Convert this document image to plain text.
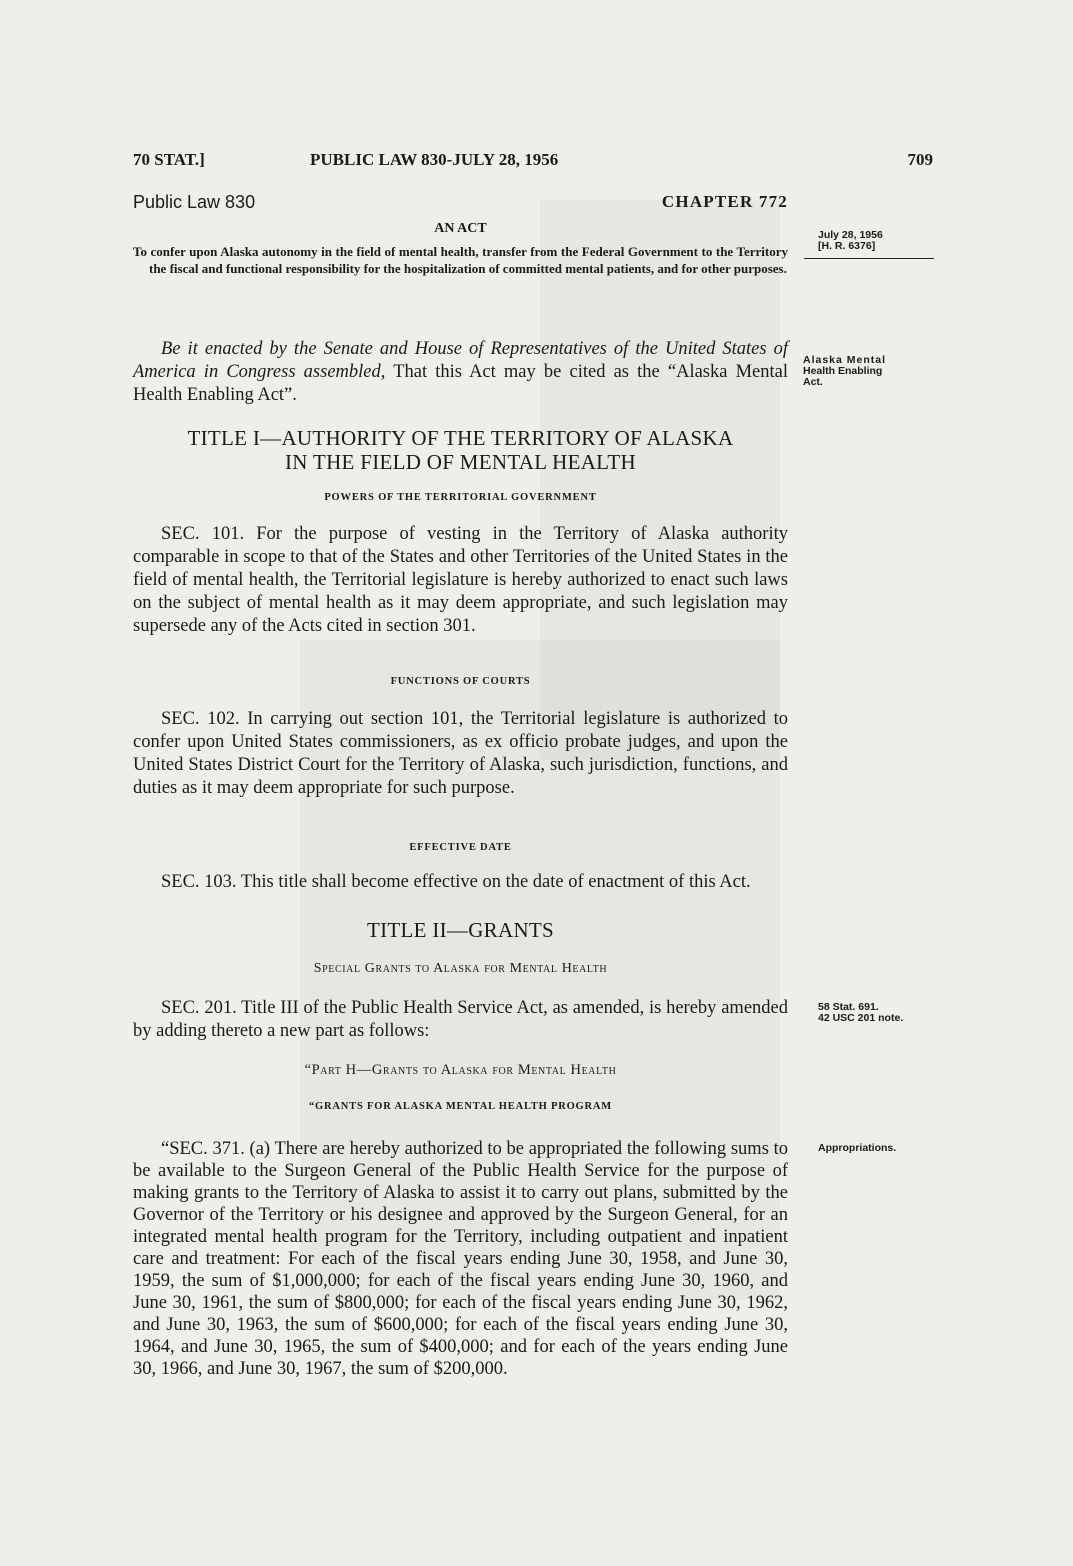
70 STAT.]	PUBLIC LAW 830-JULY 28, 1956	709
Public Law 830	CHAPTER 772
AN ACT
To confer upon Alaska autonomy in the field of mental health, transfer from the Federal Government to the Territory the fiscal and functional responsibility for the hospitalization of committed mental patients, and for other purposes.

Be it enacted by the Senate and House of Representatives of the United States of America in Congress assembled, That this Act may be cited as the “Alaska Mental Health Enabling Act”.

TITLE I—AUTHORITY OF THE TERRITORY OF ALASKA
IN THE FIELD OF MENTAL HEALTH
POWERS OF THE TERRITORIAL GOVERNMENT

SEC. 101. For the purpose of vesting in the Territory of Alaska authority comparable in scope to that of the States and other Territories of the United States in the field of mental health, the Territorial legislature is hereby authorized to enact such laws on the subject of mental health as it may deem appropriate, and such legislation may supersede any of the Acts cited in section 301.

FUNCTIONS OF COURTS

SEC. 102. In carrying out section 101, the Territorial legislature is authorized to confer upon United States commissioners, as ex officio probate judges, and upon the United States District Court for the Territory of Alaska, such jurisdiction, functions, and duties as it may deem appropriate for such purpose.

EFFECTIVE DATE

SEC. 103. This title shall become effective on the date of enactment of this Act.

TITLE II—GRANTS
Special Grants to Alaska for Mental Health

SEC. 201. Title III of the Public Health Service Act, as amended, is hereby amended by adding thereto a new part as follows:

“Part H—Grants to Alaska for Mental Health
“GRANTS FOR ALASKA MENTAL HEALTH PROGRAM

“SEC. 371. (a) There are hereby authorized to be appropriated the following sums to be available to the Surgeon General of the Public Health Service for the purpose of making grants to the Territory of Alaska to assist it to carry out plans, submitted by the Governor of the Territory or his designee and approved by the Surgeon General, for an integrated mental health program for the Territory, including outpatient and inpatient care and treatment: For each of the fiscal years ending June 30, 1958, and June 30, 1959, the sum of $1,000,000; for each of the fiscal years ending June 30, 1960, and June 30, 1961, the sum of $800,000; for each of the fiscal years ending June 30, 1962, and June 30, 1963, the sum of $600,000; for each of the fiscal years ending June 30, 1964, and June 30, 1965, the sum of $400,000; and for each of the years ending June 30, 1966, and June 30, 1967, the sum of $200,000.

July 28, 1956
[H. R. 6376]
Alaska Mental
Health Enabling
Act.
58 Stat. 691.
42 USC 201 note.
Appropriations.
